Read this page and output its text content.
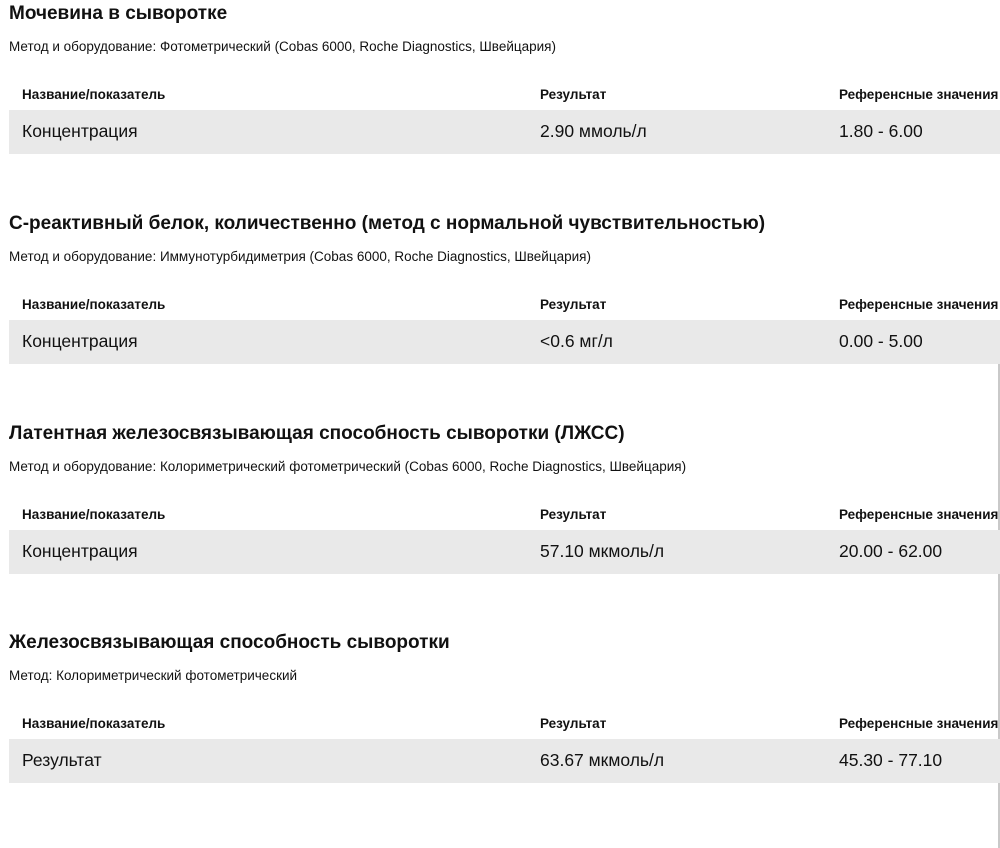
Мочевина в сыворотке
Метод и оборудование: Фотометрический (Cobas 6000, Roche Diagnostics, Швейцария)
Название/показатель	Результат	Референсные значения
Концентрация	2.90 ммоль/л	1.80 - 6.00
С-реактивный белок, количественно (метод с нормальной чувствительностью)
Метод и оборудование: Иммунотурбидиметрия (Cobas 6000, Roche Diagnostics, Швейцария)
Название/показатель	Результат	Референсные значения
Концентрация	<0.6 мг/л	0.00 - 5.00
Латентная железосвязывающая способность сыворотки (ЛЖСС)
Метод и оборудование: Колориметрический фотометрический (Cobas 6000, Roche Diagnostics, Швейцария)
Название/показатель	Результат	Референсные значения
Концентрация	57.10 мкмоль/л	20.00 - 62.00
Железосвязывающая способность сыворотки
Метод: Колориметрический фотометрический
Название/показатель	Результат	Референсные значения
Результат	63.67 мкмоль/л	45.30 - 77.10
